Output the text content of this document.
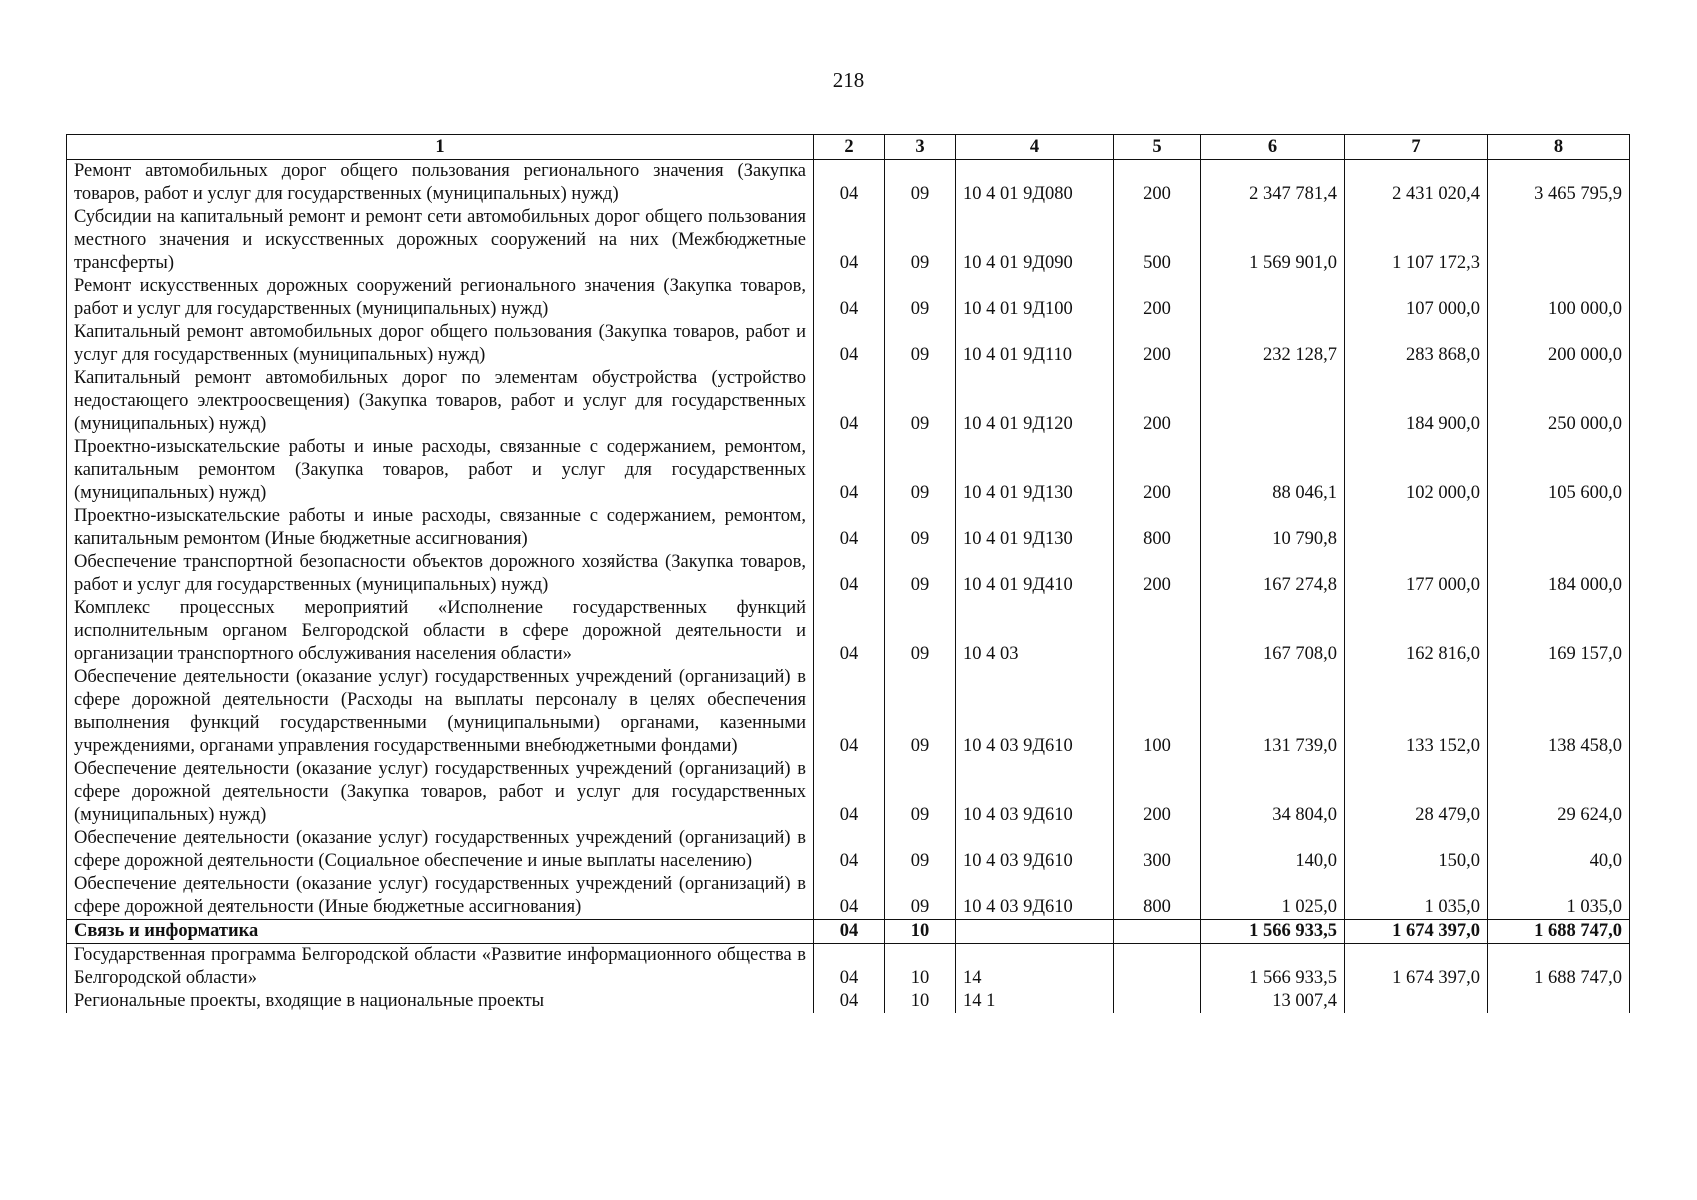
218
1	2	3	4	5	6	7	8
Ремонт автомобильных дорог общего пользования регионального значения (Закупка товаров, работ и услуг для государственных (муниципальных) нужд)	04	09	10 4 01 9Д080	200	2 347 781,4	2 431 020,4	3 465 795,9
Субсидии на капитальный ремонт и ремонт сети автомобильных дорог общего пользования местного значения и искусственных дорожных сооружений на них (Межбюджетные трансферты)	04	09	10 4 01 9Д090	500	1 569 901,0	1 107 172,3	
Ремонт искусственных дорожных сооружений регионального значения (Закупка товаров, работ и услуг для государственных (муниципальных) нужд)	04	09	10 4 01 9Д100	200		107 000,0	100 000,0
Капитальный ремонт автомобильных дорог общего пользования (Закупка товаров, работ и услуг для государственных (муниципальных) нужд)	04	09	10 4 01 9Д110	200	232 128,7	283 868,0	200 000,0
Капитальный ремонт автомобильных дорог по элементам обустройства (устройство недостающего электроосвещения) (Закупка товаров, работ и услуг для государственных (муниципальных) нужд)	04	09	10 4 01 9Д120	200		184 900,0	250 000,0
Проектно-изыскательские работы и иные расходы, связанные с содержанием, ремонтом, капитальным ремонтом (Закупка товаров, работ и услуг для государственных (муниципальных) нужд)	04	09	10 4 01 9Д130	200	88 046,1	102 000,0	105 600,0
Проектно-изыскательские работы и иные расходы, связанные с содержанием, ремонтом, капитальным ремонтом (Иные бюджетные ассигнования)	04	09	10 4 01 9Д130	800	10 790,8		
Обеспечение транспортной безопасности объектов дорожного хозяйства (Закупка товаров, работ и услуг для государственных (муниципальных) нужд)	04	09	10 4 01 9Д410	200	167 274,8	177 000,0	184 000,0
Комплекс процессных мероприятий «Исполнение государственных функций исполнительным органом Белгородской области в сфере дорожной деятельности и организации транспортного обслуживания населения области»	04	09	10 4 03		167 708,0	162 816,0	169 157,0
Обеспечение деятельности (оказание услуг) государственных учреждений (организаций) в сфере дорожной деятельности (Расходы на выплаты персоналу в целях обеспечения выполнения функций государственными (муниципальными) органами, казенными учреждениями, органами управления государственными внебюджетными фондами)	04	09	10 4 03 9Д610	100	131 739,0	133 152,0	138 458,0
Обеспечение деятельности (оказание услуг) государственных учреждений (организаций) в сфере дорожной деятельности (Закупка товаров, работ и услуг для государственных (муниципальных) нужд)	04	09	10 4 03 9Д610	200	34 804,0	28 479,0	29 624,0
Обеспечение деятельности (оказание услуг) государственных учреждений (организаций) в сфере дорожной деятельности (Социальное обеспечение и иные выплаты населению)	04	09	10 4 03 9Д610	300	140,0	150,0	40,0
Обеспечение деятельности (оказание услуг) государственных учреждений (организаций) в сфере дорожной деятельности (Иные бюджетные ассигнования)	04	09	10 4 03 9Д610	800	1 025,0	1 035,0	1 035,0
Связь и информатика	04	10			1 566 933,5	1 674 397,0	1 688 747,0
Государственная программа Белгородской области «Развитие информационного общества в Белгородской области»	04	10	14		1 566 933,5	1 674 397,0	1 688 747,0
Региональные проекты, входящие в национальные проекты	04	10	14 1		13 007,4		
